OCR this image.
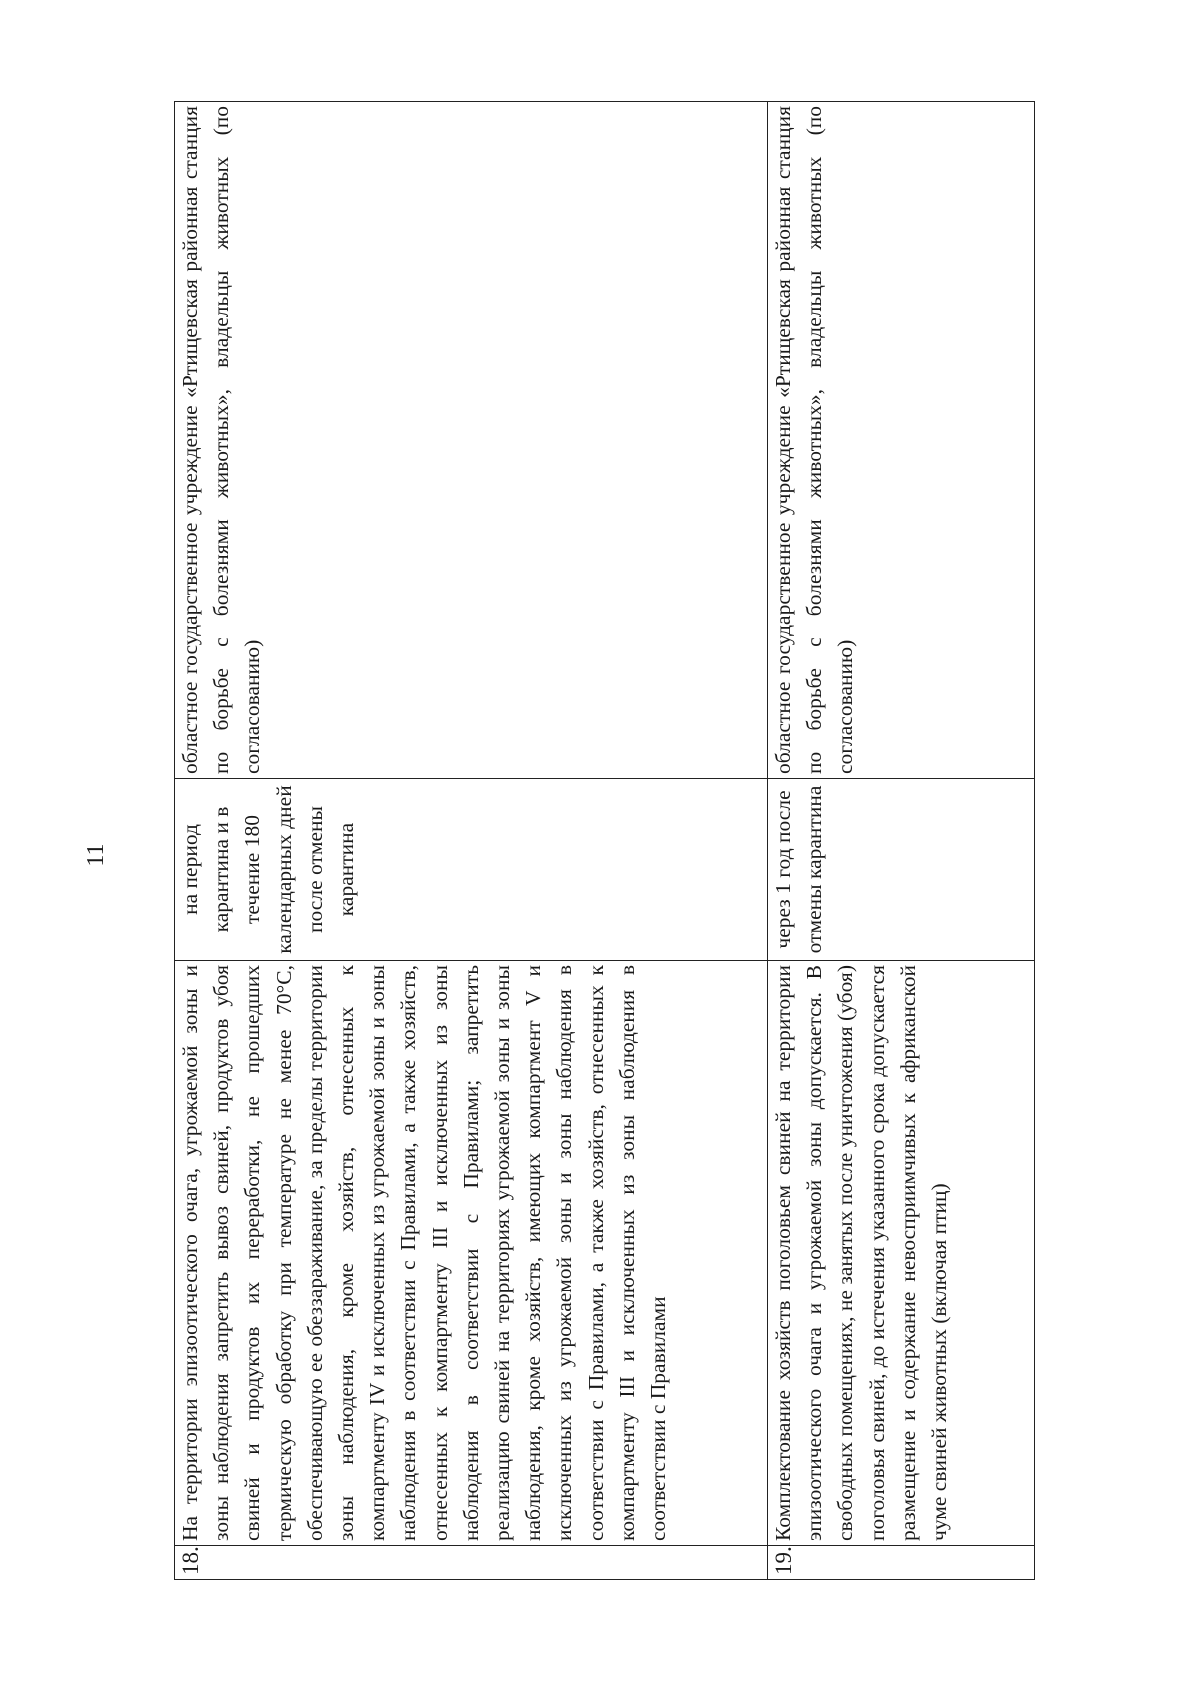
11
18.	На территории эпизоотического очага, угрожаемой зоны и зоны наблюдения запретить вывоз свиней, продуктов убоя свиней и продуктов их переработки, не прошедших термическую обработку при температуре не менее 70°С, обеспечивающую ее обеззараживание, за пределы территории зоны наблюдения, кроме хозяйств, отнесенных к компартменту IV и исключенных из угрожаемой зоны и зоны наблюдения в соответствии с Правилами, а также хозяйств, отнесенных к компартменту III и исключенных из зоны наблюдения в соответствии с Правилами; запретить реализацию свиней на территориях угрожаемой зоны и зоны наблюдения, кроме хозяйств, имеющих компартмент V и исключенных из угрожаемой зоны и зоны наблюдения в соответствии с Правилами, а также хозяйств, отнесенных к компартменту III и исключенных из зоны наблюдения в соответствии с Правилами	на период карантина и в течение 180 календарных дней после отмены карантина	областное государственное учреждение «Ртищевская районная станция по борьбе с болезнями животных», владельцы животных (по согласованию)
19.	Комплектование хозяйств поголовьем свиней на территории эпизоотического очага и угрожаемой зоны допускается. В свободных помещениях, не занятых после уничтожения (убоя) поголовья свиней, до истечения указанного срока допускается размещение и содержание невосприимчивых к африканской чуме свиней животных (включая птиц)	через 1 год после отмены карантина	областное государственное учреждение «Ртищевская районная станция по борьбе с болезнями животных», владельцы животных (по согласованию)
